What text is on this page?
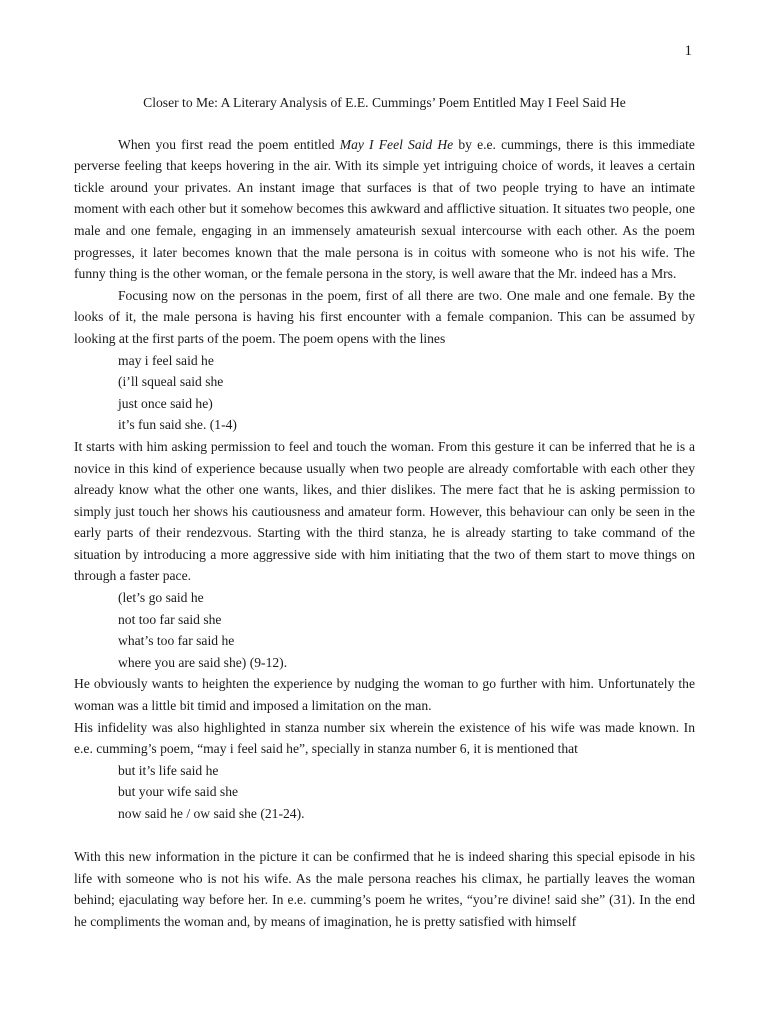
1
Closer to Me: A Literary Analysis of E.E. Cummings’ Poem Entitled May I Feel Said He

When you first read the poem entitled May I Feel Said He by e.e. cummings, there is this immediate perverse feeling that keeps hovering in the air. With its simple yet intriguing choice of words, it leaves a certain tickle around your privates. An instant image that surfaces is that of two people trying to have an intimate moment with each other but it somehow becomes this awkward and afflictive situation. It situates two people, one male and one female, engaging in an immensely amateurish sexual intercourse with each other. As the poem progresses, it later becomes known that the male persona is in coitus with someone who is not his wife. The funny thing is the other woman, or the female persona in the story, is well aware that the Mr. indeed has a Mrs.

Focusing now on the personas in the poem, first of all there are two. One male and one female. By the looks of it, the male persona is having his first encounter with a female companion. This can be assumed by looking at the first parts of the poem. The poem opens with the lines

may i feel said he
(i’ll squeal said she
just once said he)
it’s fun said she. (1-4)

It starts with him asking permission to feel and touch the woman. From this gesture it can be inferred that he is a novice in this kind of experience because usually when two people are already comfortable with each other they already know what the other one wants, likes, and thier dislikes. The mere fact that he is asking permission to simply just touch her shows his cautiousness and amateur form. However, this behaviour can only be seen in the early parts of their rendezvous. Starting with the third stanza, he is already starting to take command of the situation by introducing a more aggressive side with him initiating that the two of them start to move things on through a faster pace.

(let’s go said he
not too far said she
what’s too far said he
where you are said she) (9-12).

He obviously wants to heighten the experience by nudging the woman to go further with him. Unfortunately the woman was a little bit timid and imposed a limitation on the man.

His infidelity was also highlighted in stanza number six wherein the existence of his wife was made known. In e.e. cumming’s poem, “may i feel said he”, specially in stanza number 6, it is mentioned that

but it’s life said he
but your wife said she
now said he / ow said she (21-24).

With this new information in the picture it can be confirmed that he is indeed sharing this special episode in his life with someone who is not his wife. As the male persona reaches his climax, he partially leaves the woman behind; ejaculating way before her. In e.e. cumming’s poem he writes, “you’re divine! said she” (31). In the end he compliments the woman and, by means of imagination, he is pretty satisfied with himself
